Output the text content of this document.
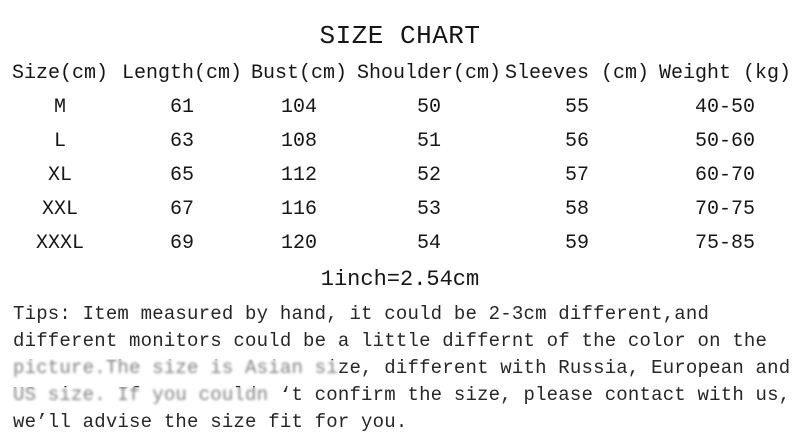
SIZE CHART
Size(cm)	Length(cm)	Bust(cm)	Shoulder(cm)	Sleeves (cm)	Weight (kg)
M	61	104	50	55	40-50
L	63	108	51	56	50-60
XL	65	112	52	57	60-70
XXL	67	116	53	58	70-75
XXXL	69	120	54	59	75-85
1inch=2.54cm
Tips: Item measured by hand, it could be 2-3cm different,and
different monitors could be a little differnt of the color on the
picture.The size is Asian size, different with Russia, European and
US size. If you couldn ‘t confirm the size, please contact with us,
we’ll advise the size fit for you.
